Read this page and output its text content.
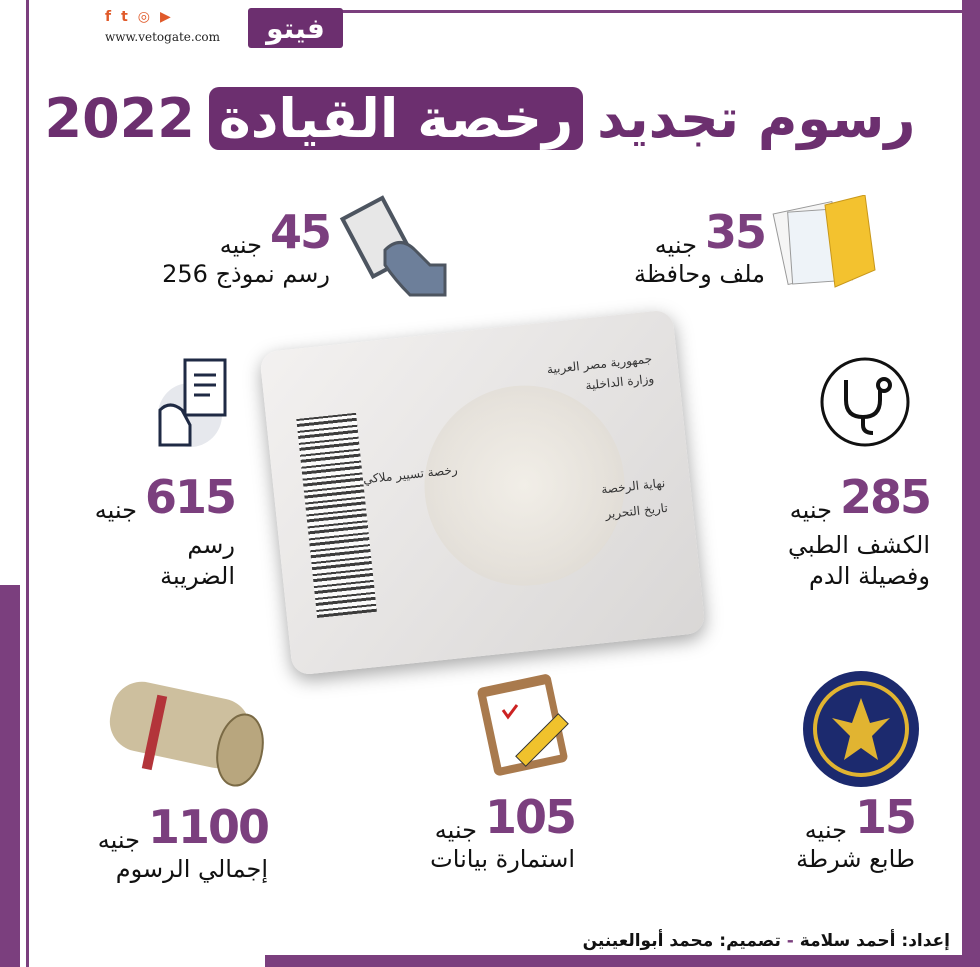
f t ◎ ▶
www.vetogate.com	فيتو
رسوم تجديد
رخصة القيادة
2022
35
جنيه
ملف وحافظة
45
جنيه
رسم نموذج 256
615
جنيه
رسم
الضريبة
285
جنيه
الكشف الطبي
وفصيلة الدم
جمهورية مصر العربية
وزارة الداخلية
رخصة تسيير ملاكي	نهاية الرخصة
تاريخ التحرير
1100
جنيه
إجمالي الرسوم
105
جنيه
استمارة بيانات
15
جنيه
طابع شرطة
إعداد: أحمد سلامة - تصميم: محمد أبوالعينين
